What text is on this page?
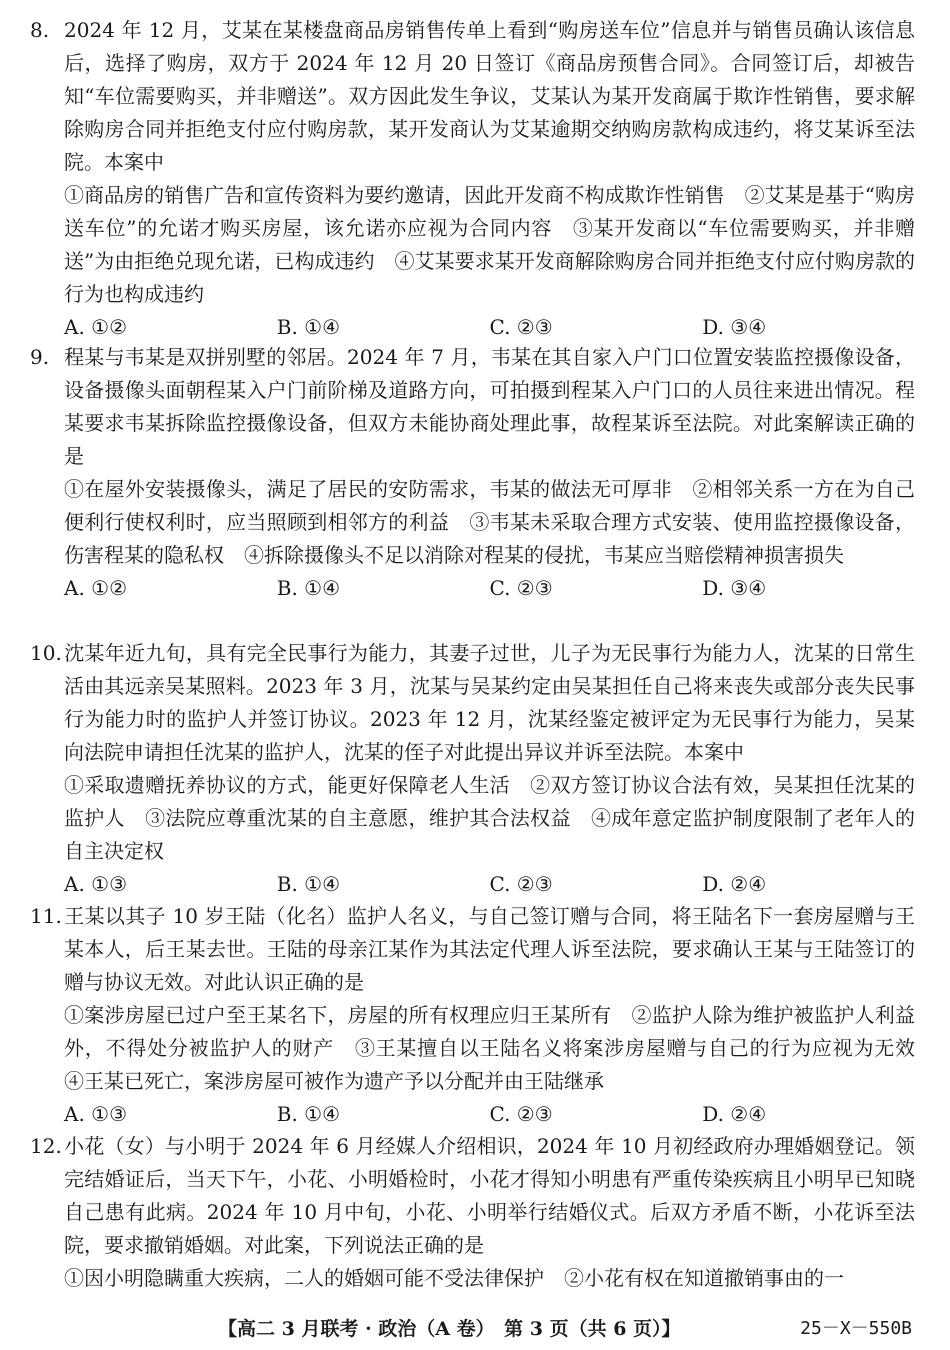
8. 2024 年 12 月，艾某在某楼盘商品房销售传单上看到“购房送车位”信息并与销售员确认该信息后，选择了购房，双方于 2024 年 12 月 20 日签订《商品房预售合同》。合同签订后，却被告知“车位需要购买，并非赠送”。双方因此发生争议，艾某认为某开发商属于欺诈性销售，要求解除购房合同并拒绝支付应付购房款，某开发商认为艾某逾期交纳购房款构成违约，将艾某诉至法院。本案中
①商品房的销售广告和宣传资料为要约邀请，因此开发商不构成欺诈性销售　②艾某是基于“购房送车位”的允诺才购买房屋，该允诺亦应视为合同内容　③某开发商以“车位需要购买，并非赠送”为由拒绝兑现允诺，已构成违约　④艾某要求某开发商解除购房合同并拒绝支付应付购房款的行为也构成违约
A. ①②	B. ①④	C. ②③	D. ③④
9. 程某与韦某是双拼别墅的邻居。2024 年 7 月，韦某在其自家入户门口位置安装监控摄像设备，设备摄像头面朝程某入户门前阶梯及道路方向，可拍摄到程某入户门口的人员往来进出情况。程某要求韦某拆除监控摄像设备，但双方未能协商处理此事，故程某诉至法院。对此案解读正确的是
①在屋外安装摄像头，满足了居民的安防需求，韦某的做法无可厚非　②相邻关系一方在为自己便利行使权利时，应当照顾到相邻方的利益　③韦某未采取合理方式安装、使用监控摄像设备，伤害程某的隐私权　④拆除摄像头不足以消除对程某的侵扰，韦某应当赔偿精神损害损失
A. ①②	B. ①④	C. ②③	D. ③④
10. 沈某年近九旬，具有完全民事行为能力，其妻子过世，儿子为无民事行为能力人，沈某的日常生活由其远亲吴某照料。2023 年 3 月，沈某与吴某约定由吴某担任自己将来丧失或部分丧失民事行为能力时的监护人并签订协议。2023 年 12 月，沈某经鉴定被评定为无民事行为能力，吴某向法院申请担任沈某的监护人，沈某的侄子对此提出异议并诉至法院。本案中
①采取遗赠抚养协议的方式，能更好保障老人生活　②双方签订协议合法有效，吴某担任沈某的监护人　③法院应尊重沈某的自主意愿，维护其合法权益　④成年意定监护制度限制了老年人的自主决定权
A. ①③	B. ①④	C. ②③	D. ②④
11. 王某以其子 10 岁王陆（化名）监护人名义，与自己签订赠与合同，将王陆名下一套房屋赠与王某本人，后王某去世。王陆的母亲江某作为其法定代理人诉至法院，要求确认王某与王陆签订的赠与协议无效。对此认识正确的是
①案涉房屋已过户至王某名下，房屋的所有权理应归王某所有　②监护人除为维护被监护人利益外，不得处分被监护人的财产　③王某擅自以王陆名义将案涉房屋赠与自己的行为应视为无效　④王某已死亡，案涉房屋可被作为遗产予以分配并由王陆继承
A. ①③	B. ①④	C. ②③	D. ②④
12. 小花（女）与小明于 2024 年 6 月经媒人介绍相识，2024 年 10 月初经政府办理婚姻登记。领完结婚证后，当天下午，小花、小明婚检时，小花才得知小明患有严重传染疾病且小明早已知晓自己患有此病。2024 年 10 月中旬，小花、小明举行结婚仪式。后双方矛盾不断，小花诉至法院，要求撤销婚姻。对此案，下列说法正确的是
①因小明隐瞒重大疾病，二人的婚姻可能不受法律保护　②小花有权在知道撤销事由的一
【高二 3 月联考 · 政治（A 卷）　第 3 页（共 6 页）】	25－X－550B
